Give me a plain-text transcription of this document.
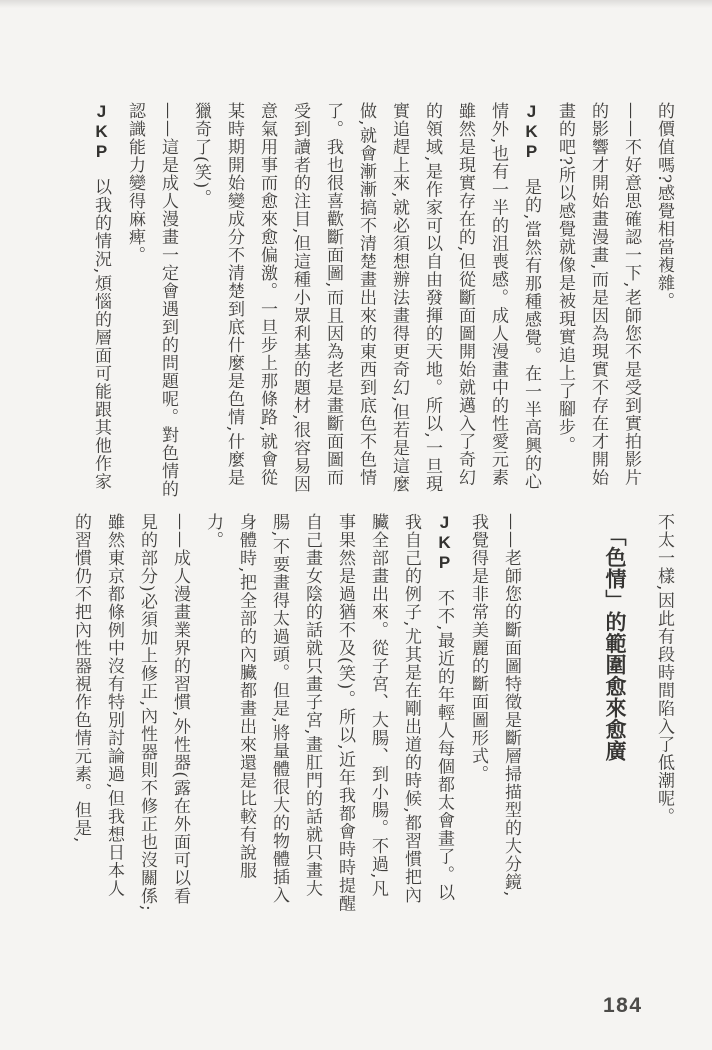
的價值嗎?感覺相當複雜。

——不好意思確認一下,老師您不是受到實拍影片的影響才開始畫漫畫,而是因為現實不存在才開始畫的吧?所以感覺就像是被現實追上了腳步。

JKP是的,當然有那種感覺。在一半高興的心情外,也有一半的沮喪感。成人漫畫中的性愛元素雖然是現實存在的,但從斷面圖開始就邁入了奇幻的領域,是作家可以自由發揮的天地。所以,一旦現實追趕上來,就必須想辦法畫得更奇幻,但若是這麼做,就會漸漸搞不清楚畫出來的東西到底色不色情了。我也很喜歡斷面圖,而且因為老是畫斷面圖而受到讀者的注目,但這種小眾利基的題材,很容易因意氣用事而愈來愈偏激。一旦步上那條路,就會從某時期開始變成分不清楚到底什麼是色情,什麼是獵奇了(笑)。

——這是成人漫畫一定會遇到的問題呢。對色情的認識能力變得麻痺。

JKP以我的情況,煩惱的層面可能跟其他作家

不太一樣,因此有段時間陷入了低潮呢。

「色情」的範圍愈來愈廣

——老師您的斷面圖特徵是斷層掃描型的大分鏡,我覺得是非常美麗的斷面圖形式。

JKP不不,最近的年輕人每個都太會畫了。以我自己的例子,尤其是在剛出道的時候,都習慣把內臟全部畫出來。從子宮、大腸、到小腸。不過,凡事果然是過猶不及(笑)。所以,近年我都會時時提醒自己畫女陰的話就只畫子宮,畫肛門的話就只畫大腸,不要畫得太過頭。但是,將量體很大的物體插入身體時,把全部的內臟都畫出來還是比較有說服力。

——成人漫畫業界的習慣,外性器(露在外面可以看見的部分)必須加上修正,內性器則不修正也沒關係;雖然東京都條例中沒有特別討論過,但我想日本人的習慣仍不把內性器視作色情元素。但是,

184
